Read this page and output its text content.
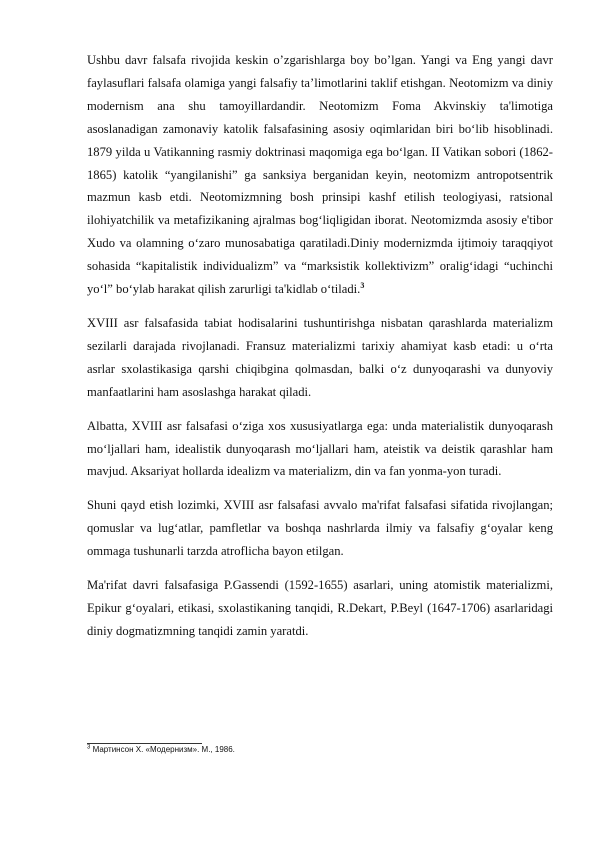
Ushbu davr falsafa rivojida keskin o’zgarishlarga boy bo’lgan. Yangi va Eng yangi davr faylasuflari falsafa olamiga yangi falsafiy ta’limotlarini taklif etishgan. Neotomizm va diniy modernism ana shu tamoyillardandir. Neotomizm Foma Akvinskiy ta'limotiga asoslanadigan zamonaviy katolik falsafasining asosiy oqimlaridan biri bo‘lib hisoblinadi. 1879 yilda u Vatikanning rasmiy doktrinasi maqomiga ega bo‘lgan. II Vatikan sobori (1862-1865) katolik “yangilanishi” ga sanksiya berganidan keyin, neotomizm antropotsentrik mazmun kasb etdi. Neotomizmning bosh prinsipi kashf etilish teologiyasi, ratsional ilohiyatchilik va metafizikaning ajralmas bog‘liqligidan iborat. Neotomizmda asosiy e'tibor Xudo va olamning o‘zaro munosabatiga qaratiladi.Diniy modernizmda ijtimoiy taraqqiyot sohasida “kapitalistik individualizm” va “marksistik kollektivizm” oralig‘idagi “uchinchi yo‘l” bo‘ylab harakat qilish zarurligi ta'kidlab o‘tiladi.$^3$

XVIII asr falsafasida tabiat hodisalarini tushuntirishga nisbatan qarashlarda materializm sezilarli darajada rivojlanadi. Fransuz materializmi tarixiy ahamiyat kasb etadi: u o‘rta asrlar sxolastikasiga qarshi chiqibgina qolmasdan, balki o‘z dunyoqarashi va dunyoviy manfaatlarini ham asoslashga harakat qiladi.

Albatta, XVIII asr falsafasi o‘ziga xos xususiyatlarga ega: unda materialistik dunyoqarash mo‘ljallari ham, idealistik dunyoqarash mo‘ljallari ham, ateistik va deistik qarashlar ham mavjud. Aksariyat hollarda idealizm va materializm, din va fan yonma-yon turadi.

Shuni qayd etish lozimki, XVIII asr falsafasi avvalo ma'rifat falsafasi sifatida rivojlangan; qomuslar va lug‘atlar, pamfletlar va boshqa nashrlarda ilmiy va falsafiy g‘oyalar keng ommaga tushunarli tarzda atroflicha bayon etilgan.

Ma'rifat davri falsafasiga P.Gassendi (1592-1655) asarlari, uning atomistik materializmi, Epikur g‘oyalari, etikasi, sxolastikaning tanqidi, R.Dekart, P.Beyl (1647-1706) asarlaridagi diniy dogmatizmning tanqidi zamin yaratdi.

$^3$ Мартинсон X. «Модернизм». М., 1986.
